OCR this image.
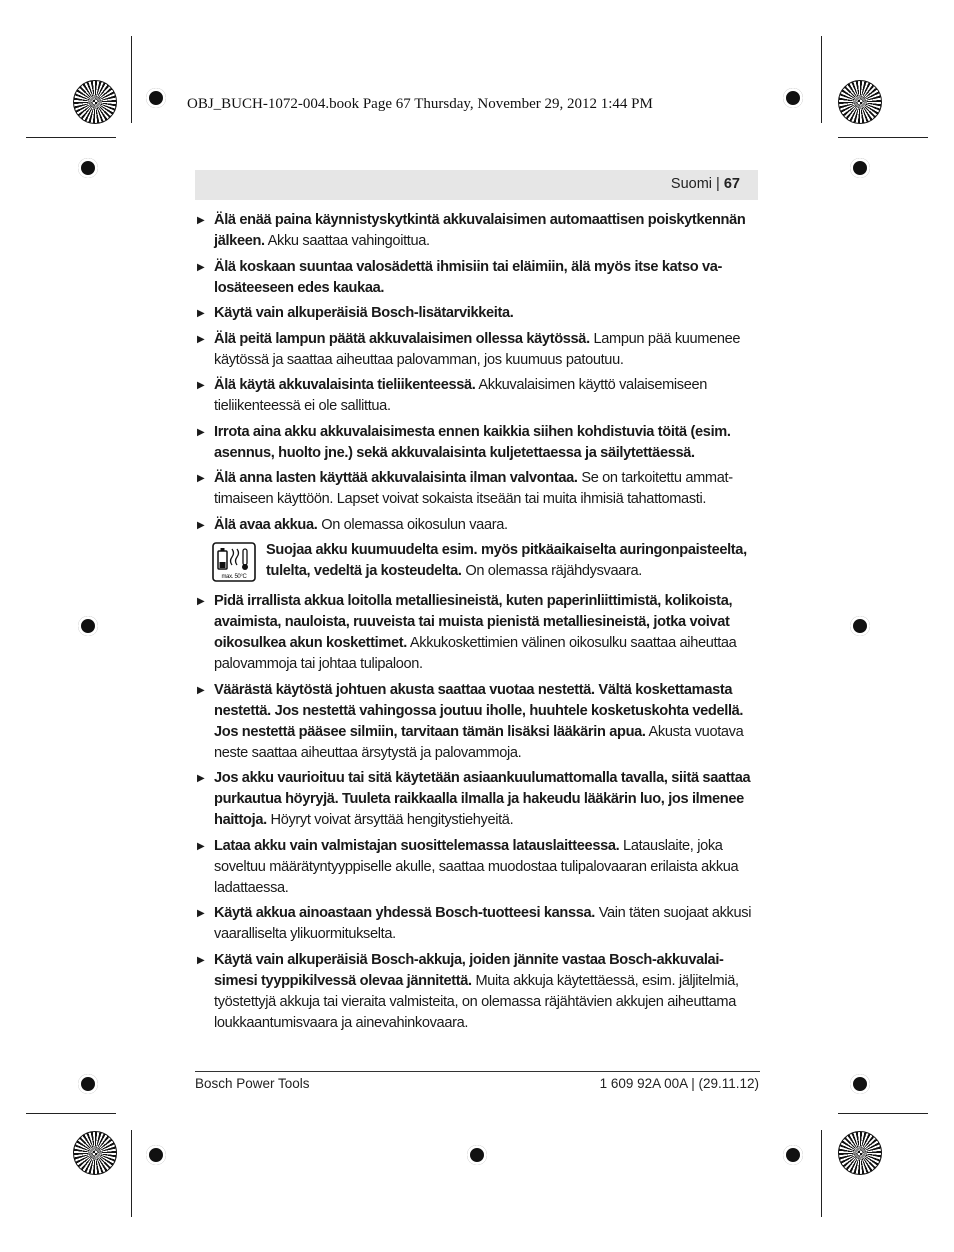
OBJ_BUCH-1072-004.book Page 67 Thursday, November 29, 2012 1:44 PM
Suomi | 67
▶ Älä enää paina käynnistyskytkintä akkuvalaisimen automaattisen poiskytkennän jälkeen. Akku saattaa vahingoittua.
▶ Älä koskaan suuntaa valosädettä ihmisiin tai eläimiin, älä myös itse katso valosäteeseen edes kaukaa.
▶ Käytä vain alkuperäisiä Bosch-lisätarvikkeita.
▶ Älä peitä lampun päätä akkuvalaisimen ollessa käytössä. Lampun pää kuumenee käytössä ja saattaa aiheuttaa palovamman, jos kuumuus patoutuu.
▶ Älä käytä akkuvalaisinta tieliikenteessä. Akkuvalaisimen käyttö valaisemiseen tieliikenteessä ei ole sallittua.
▶ Irrota aina akku akkuvalaisimesta ennen kaikkia siihen kohdistuvia töitä (esim. asennus, huolto jne.) sekä akkuvalaisinta kuljetettaessa ja säilytettäessä.
▶ Älä anna lasten käyttää akkuvalaisinta ilman valvontaa. Se on tarkoitettu ammattimaiseen käyttöön. Lapset voivat sokaista itseään tai muita ihmisiä tahattomasti.
▶ Älä avaa akkua. On olemassa oikosulun vaara.
max. 50°C
Suojaa akku kuumuudelta esim. myös pitkäaikaiselta auringonpaisteelta, tulelta, vedeltä ja kosteudelta. On olemassa räjähdysvaara.
▶ Pidä irrallista akkua loitolla metalliesineistä, kuten paperinliittimistä, kolikoista, avaimista, nauloista, ruuveista tai muista pienistä metalliesineistä, jotka voivat oikosulkea akun koskettimet. Akkukoskettimien välinen oikosulku saattaa aiheuttaa palovammoja tai johtaa tulipaloon.
▶ Väärästä käytöstä johtuen akusta saattaa vuotaa nestettä. Vältä koskettamasta nestettä. Jos nestettä vahingossa joutuu iholle, huuhtele kosketuskohta vedellä. Jos nestettä pääsee silmiin, tarvitaan tämän lisäksi lääkärin apua. Akusta vuotava neste saattaa aiheuttaa ärsytystä ja palovammoja.
▶ Jos akku vaurioituu tai sitä käytetään asiaankuulumattomalla tavalla, siitä saattaa purkautua höyryjä. Tuuleta raikkaalla ilmalla ja hakeudu lääkärin luo, jos ilmenee haittoja. Höyryt voivat ärsyttää hengitystiehyeitä.
▶ Lataa akku vain valmistajan suosittelemassa latauslaitteessa. Latauslaite, joka soveltuu määrätyntyyppiselle akulle, saattaa muodostaa tulipalovaaran erilaista akkua ladattaessa.
▶ Käytä akkua ainoastaan yhdessä Bosch-tuotteesi kanssa. Vain täten suojaat akkusi vaaralliselta ylikuormitukselta.
▶ Käytä vain alkuperäisiä Bosch-akkuja, joiden jännite vastaa Bosch-akkuvalaisimesi tyyppikilvessä olevaa jännitettä. Muita akkuja käytettäessä, esim. jäljitelmiä, työstettyjä akkuja tai vieraita valmisteita, on olemassa räjähtävien akkujen aiheuttama loukkaantumisvaara ja ainevahinkovaara.
Bosch Power Tools	1 609 92A 00A | (29.11.12)
